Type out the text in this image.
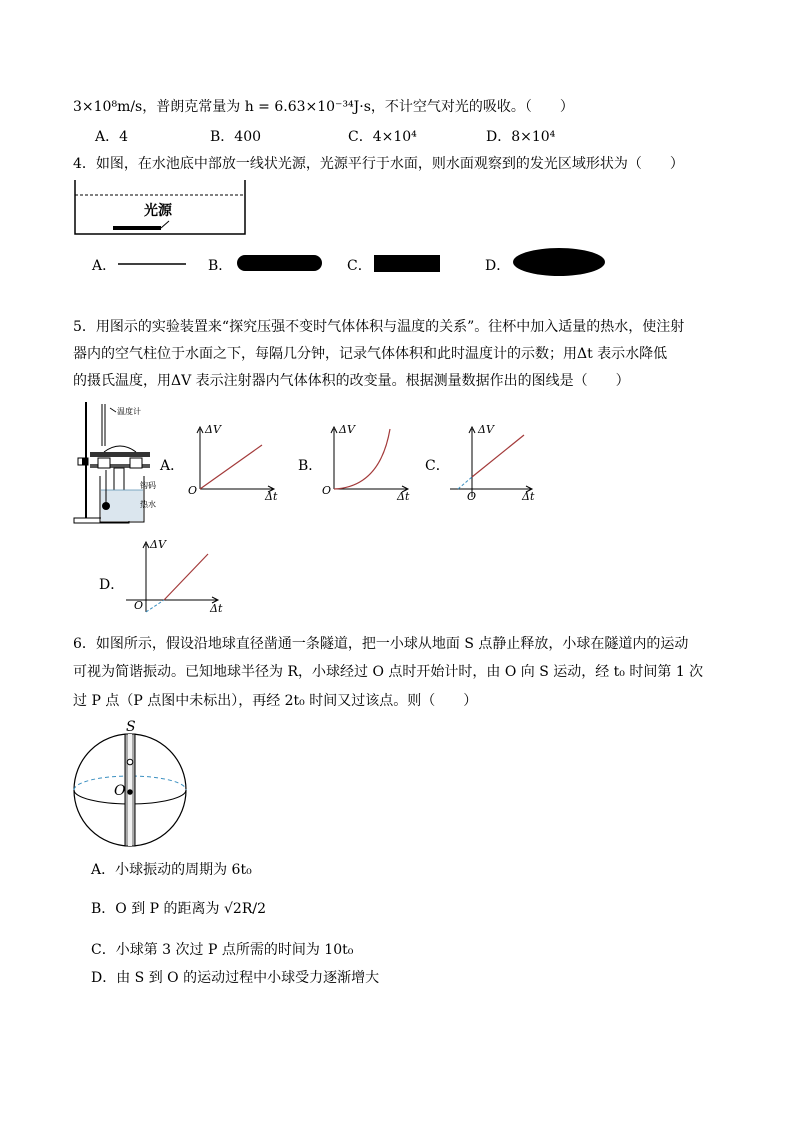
3×10⁸m/s，普朗克常量为 h = 6.63×10⁻³⁴J·s，不计空气对光的吸收。（　　）
A．4	B．400	C．4×10⁴	D．8×10⁴
4．如图，在水池底中部放一线状光源，光源平行于水面，则水面观察到的发光区域形状为（　　）
光源
A．	B．	C．	D．
5．用图示的实验装置来“探究压强不变时气体体积与温度的关系”。往杯中加入适量的热水，使注射
器内的空气柱位于水面之下，每隔几分钟，记录气体体积和此时温度计的示数；用Δt 表示水降低
的摄氏温度，用ΔV 表示注射器内气体体积的改变量。根据测量数据作出的图线是（　　）
温度计
钩码
热水
A．
ΔV
O	Δt
B．
ΔV
O	Δt
C．
ΔV
O	Δt
D．
ΔV
O	Δt
6．如图所示，假设沿地球直径凿通一条隧道，把一小球从地面 S 点静止释放，小球在隧道内的运动
可视为简谐振动。已知地球半径为 R，小球经过 O 点时开始计时，由 O 向 S 运动，经 t₀ 时间第 1 次
过 P 点（P 点图中未标出），再经 2t₀ 时间又过该点。则（　　）
S
O
A．小球振动的周期为 6t₀
B．O 到 P 的距离为 √2R/2
C．小球第 3 次过 P 点所需的时间为 10t₀
D．由 S 到 O 的运动过程中小球受力逐渐增大
